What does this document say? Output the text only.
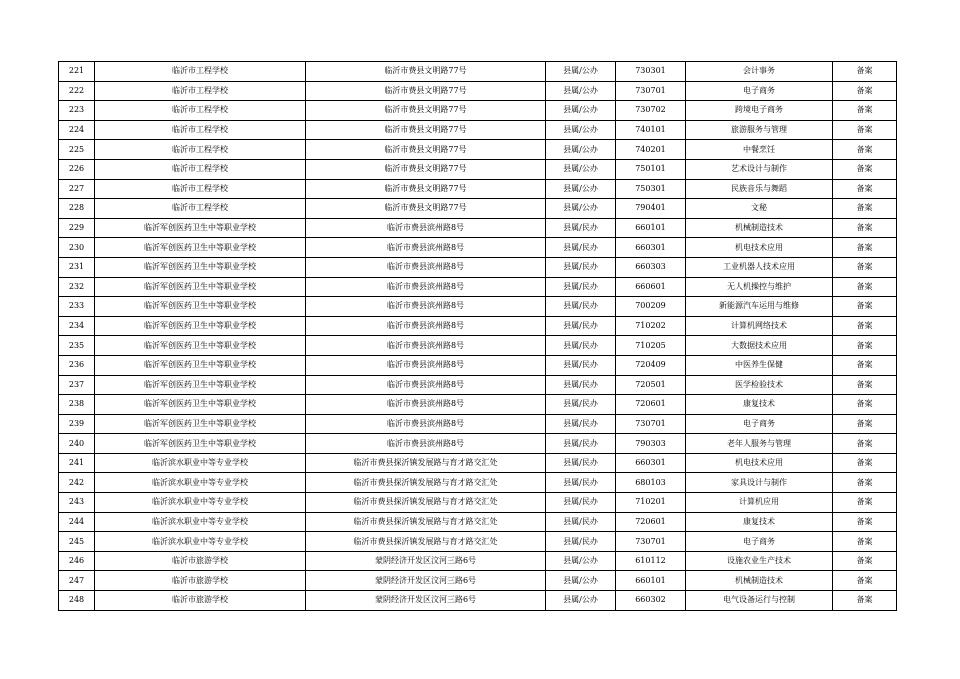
221	临沂市工程学校	临沂市费县文明路77号	县属/公办	730301	会计事务	备案
222	临沂市工程学校	临沂市费县文明路77号	县属/公办	730701	电子商务	备案
223	临沂市工程学校	临沂市费县文明路77号	县属/公办	730702	跨境电子商务	备案
224	临沂市工程学校	临沂市费县文明路77号	县属/公办	740101	旅游服务与管理	备案
225	临沂市工程学校	临沂市费县文明路77号	县属/公办	740201	中餐烹饪	备案
226	临沂市工程学校	临沂市费县文明路77号	县属/公办	750101	艺术设计与制作	备案
227	临沂市工程学校	临沂市费县文明路77号	县属/公办	750301	民族音乐与舞蹈	备案
228	临沂市工程学校	临沂市费县文明路77号	县属/公办	790401	文秘	备案
229	临沂军创医药卫生中等职业学校	临沂市费县滨州路8号	县属/民办	660101	机械制造技术	备案
230	临沂军创医药卫生中等职业学校	临沂市费县滨州路8号	县属/民办	660301	机电技术应用	备案
231	临沂军创医药卫生中等职业学校	临沂市费县滨州路8号	县属/民办	660303	工业机器人技术应用	备案
232	临沂军创医药卫生中等职业学校	临沂市费县滨州路8号	县属/民办	660601	无人机操控与维护	备案
233	临沂军创医药卫生中等职业学校	临沂市费县滨州路8号	县属/民办	700209	新能源汽车运用与维修	备案
234	临沂军创医药卫生中等职业学校	临沂市费县滨州路8号	县属/民办	710202	计算机网络技术	备案
235	临沂军创医药卫生中等职业学校	临沂市费县滨州路8号	县属/民办	710205	大数据技术应用	备案
236	临沂军创医药卫生中等职业学校	临沂市费县滨州路8号	县属/民办	720409	中医养生保健	备案
237	临沂军创医药卫生中等职业学校	临沂市费县滨州路8号	县属/民办	720501	医学检验技术	备案
238	临沂军创医药卫生中等职业学校	临沂市费县滨州路8号	县属/民办	720601	康复技术	备案
239	临沂军创医药卫生中等职业学校	临沂市费县滨州路8号	县属/民办	730701	电子商务	备案
240	临沂军创医药卫生中等职业学校	临沂市费县滨州路8号	县属/民办	790303	老年人服务与管理	备案
241	临沂滨水职业中等专业学校	临沂市费县探沂镇发展路与育才路交汇处	县属/民办	660301	机电技术应用	备案
242	临沂滨水职业中等专业学校	临沂市费县探沂镇发展路与育才路交汇处	县属/民办	680103	家具设计与制作	备案
243	临沂滨水职业中等专业学校	临沂市费县探沂镇发展路与育才路交汇处	县属/民办	710201	计算机应用	备案
244	临沂滨水职业中等专业学校	临沂市费县探沂镇发展路与育才路交汇处	县属/民办	720601	康复技术	备案
245	临沂滨水职业中等专业学校	临沂市费县探沂镇发展路与育才路交汇处	县属/民办	730701	电子商务	备案
246	临沂市旅游学校	蒙阴经济开发区汶河三路6号	县属/公办	610112	设施农业生产技术	备案
247	临沂市旅游学校	蒙阴经济开发区汶河三路6号	县属/公办	660101	机械制造技术	备案
248	临沂市旅游学校	蒙阴经济开发区汶河三路6号	县属/公办	660302	电气设备运行与控制	备案
